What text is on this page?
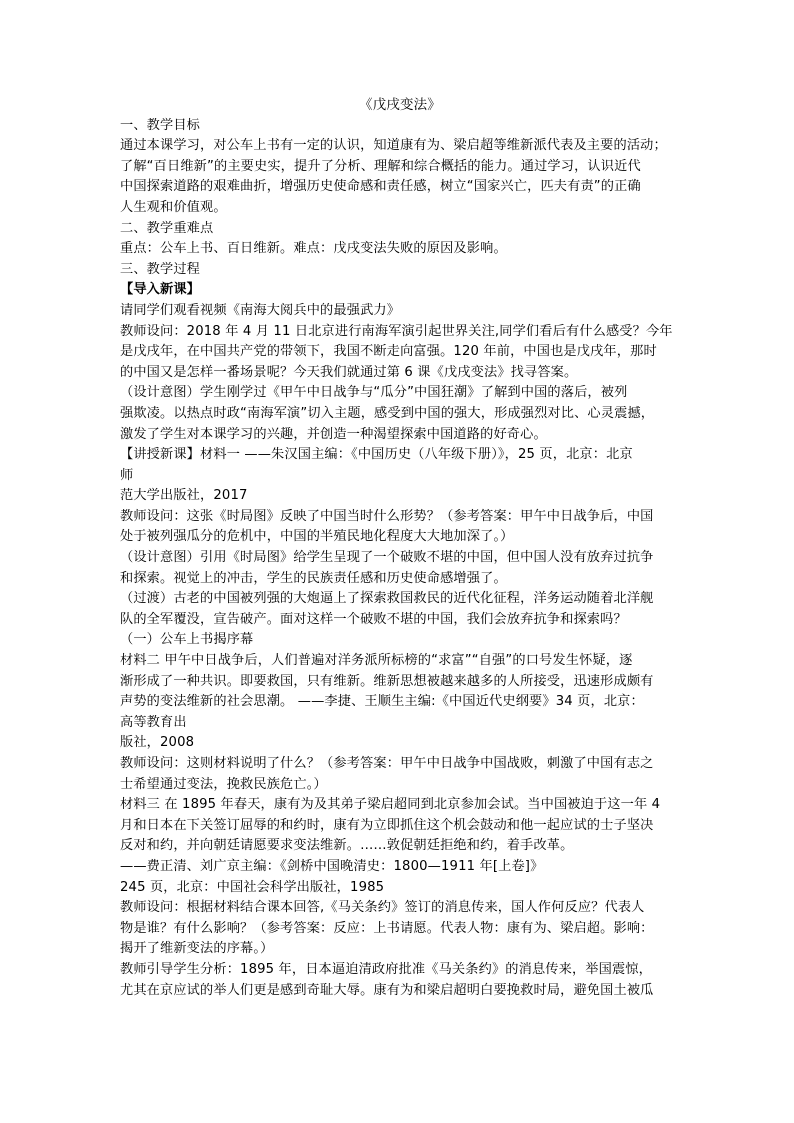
《戊戌变法》

一、教学目标

通过本课学习，对公车上书有一定的认识，知道康有为、梁启超等维新派代表及主要的活动；

了解“百日维新”的主要史实，提升了分析、理解和综合概括的能力。通过学习，认识近代

中国探索道路的艰难曲折，增强历史使命感和责任感，树立“国家兴亡，匹夫有责”的正确

人生观和价值观。

二、教学重难点

重点：公车上书、百日维新。难点：戊戌变法失败的原因及影响。

三、教学过程

【导入新课】

请同学们观看视频《南海大阅兵中的最强武力》

教师设问：2018 年 4 月 11 日北京进行南海军演引起世界关注,同学们看后有什么感受？今年

是戊戌年，在中国共产党的带领下，我国不断走向富强。120 年前，中国也是戊戌年，那时

的中国又是怎样一番场景呢？今天我们就通过第 6 课《戊戌变法》找寻答案。

（设计意图）学生刚学过《甲午中日战争与“瓜分”中国狂潮》了解到中国的落后，被列

强欺凌。以热点时政“南海军演”切入主题，感受到中国的强大，形成强烈对比、心灵震撼，

激发了学生对本课学习的兴趣，并创造一种渴望探索中国道路的好奇心。

【讲授新课】材料一 ——朱汉国主编：《中国历史（八年级下册）》，25 页，北京：北京

师

范大学出版社，2017

教师设问：这张《时局图》反映了中国当时什么形势？（参考答案：甲午中日战争后，中国

处于被列强瓜分的危机中，中国的半殖民地化程度大大地加深了。）

（设计意图）引用《时局图》给学生呈现了一个破败不堪的中国，但中国人没有放弃过抗争

和探索。视觉上的冲击，学生的民族责任感和历史使命感增强了。

（过渡）古老的中国被列强的大炮逼上了探索救国救民的近代化征程，洋务运动随着北洋舰

队的全军覆没，宣告破产。面对这样一个破败不堪的中国，我们会放弃抗争和探索吗？

（一）公车上书揭序幕

材料二 甲午中日战争后，人们普遍对洋务派所标榜的“求富”“自强”的口号发生怀疑，逐

渐形成了一种共识。即要救国，只有维新。维新思想被越来越多的人所接受，迅速形成颇有

声势的变法维新的社会思潮。 ——李捷、王顺生主编:《中国近代史纲要》34 页，北京：

高等教育出

版社，2008

教师设问：这则材料说明了什么？（参考答案：甲午中日战争中国战败，刺激了中国有志之

士希望通过变法，挽救民族危亡。）

材料三 在 1895 年春天，康有为及其弟子梁启超同到北京参加会试。当中国被迫于这一年 4

月和日本在下关签订屈辱的和约时，康有为立即抓住这个机会鼓动和他一起应试的士子坚决

反对和约，并向朝廷请愿要求变法维新。……敦促朝廷拒绝和约，着手改革。

——费正清、刘广京主编：《剑桥中国晚清史：1800—1911 年[上卷]》

245 页，北京：中国社会科学出版社，1985

教师设问：根据材料结合课本回答,《马关条约》签订的消息传来，国人作何反应？代表人

物是谁？有什么影响？（参考答案：反应：上书请愿。代表人物：康有为、梁启超。影响：

揭开了维新变法的序幕。）

教师引导学生分析：1895 年，日本逼迫清政府批准《马关条约》的消息传来，举国震惊，

尤其在京应试的举人们更是感到奇耻大辱。康有为和梁启超明白要挽救时局，避免国土被瓜
